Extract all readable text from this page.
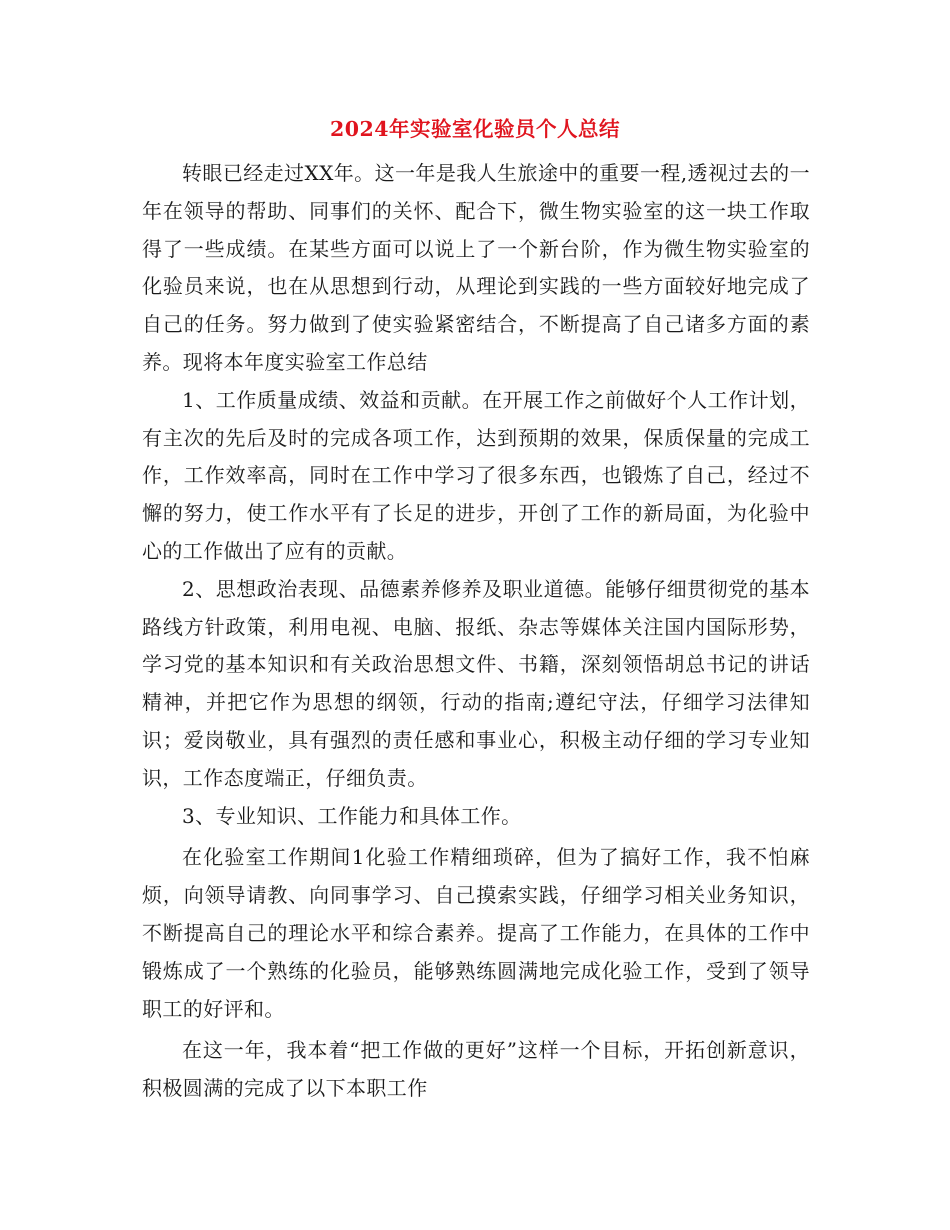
2024年实验室化验员个人总结

转眼已经走过XX年。这一年是我人生旅途中的重要一程,透视过去的一年在领导的帮助、同事们的关怀、配合下，微生物实验室的这一块工作取得了一些成绩。在某些方面可以说上了一个新台阶，作为微生物实验室的化验员来说，也在从思想到行动，从理论到实践的一些方面较好地完成了自己的任务。努力做到了使实验紧密结合，不断提高了自己诸多方面的素养。现将本年度实验室工作总结

1、工作质量成绩、效益和贡献。在开展工作之前做好个人工作计划，有主次的先后及时的完成各项工作，达到预期的效果，保质保量的完成工作，工作效率高，同时在工作中学习了很多东西，也锻炼了自己，经过不懈的努力，使工作水平有了长足的进步，开创了工作的新局面，为化验中心的工作做出了应有的贡献。

2、思想政治表现、品德素养修养及职业道德。能够仔细贯彻党的基本路线方针政策，利用电视、电脑、报纸、杂志等媒体关注国内国际形势，学习党的基本知识和有关政治思想文件、书籍，深刻领悟胡总书记的讲话精神，并把它作为思想的纲领，行动的指南;遵纪守法，仔细学习法律知识；爱岗敬业，具有强烈的责任感和事业心，积极主动仔细的学习专业知识，工作态度端正，仔细负责。

3、专业知识、工作能力和具体工作。

在化验室工作期间1化验工作精细琐碎，但为了搞好工作，我不怕麻烦，向领导请教、向同事学习、自己摸索实践，仔细学习相关业务知识，不断提高自己的理论水平和综合素养。提高了工作能力，在具体的工作中锻炼成了一个熟练的化验员，能够熟练圆满地完成化验工作，受到了领导职工的好评和。

在这一年，我本着“把工作做的更好”这样一个目标，开拓创新意识，积极圆满的完成了以下本职工作
